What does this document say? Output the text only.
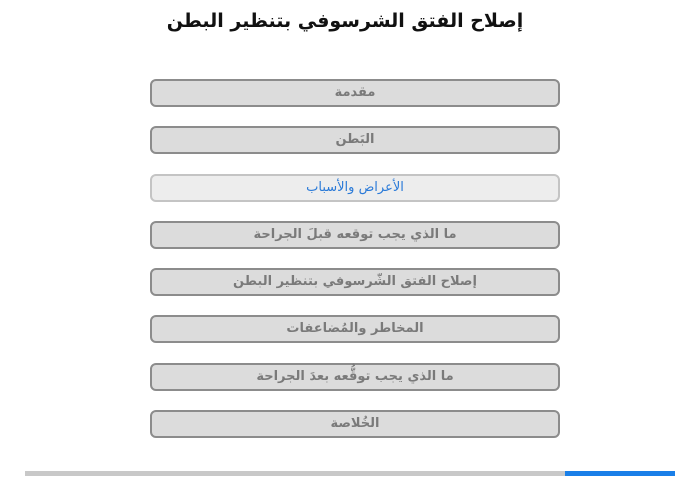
إصلاح الفتق الشرسوفي بتنظير البطن
مقدمة
البَطن
الأعراض والأسباب
ما الذي يجب توقعه قبلَ الجراحة
إصلاح الفتق الشّرسوفي بتنظير البطن
المخاطر والمُضاعفات
ما الذي يجب توقُّعه بعدَ الجراحة
الخُلاصة
